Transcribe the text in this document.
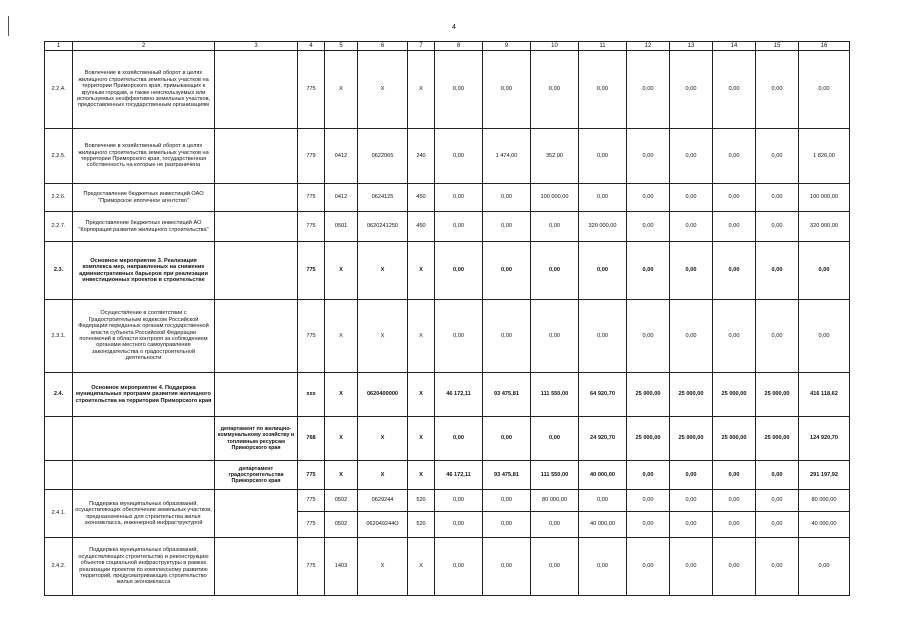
4
1	2	3	4	5	6	7	8	9	10	11	12	13	14	15	16
2.2.4.	Вовлечение в хозяйственный оборот в целях жилищного строительства земельных участков на территории Приморского края, примыкающих к крупным городам, а также неиспользуемых или используемых неэффективно земельных участков, предоставленных государственным организациям		775	X	X	X	0,00	0,00	0,00	0,00	0,00	0,00	0,00	0,00	0,00
2.2.5.	Вовлечение в хозяйственный оборот в целях жилищного строительства земельных участков на территории Приморского края, государственная собственность на которые не разграничена		779	0412	0622065	240	0,00	1 474,00	352,00	0,00	0,00	0,00	0,00	0,00	1 826,00
2.2.6.	Предоставление бюджетных инвестиций ОАО "Приморское ипотечное агентство"		775	0412	0624125	450	0,00	0,00	100 000,00	0,00	0,00	0,00	0,00	0,00	100 000,00
2.2.7.	Предоставление бюджетных инвестиций АО "Корпорация развития жилищного строительства"		775	0501	0620241250	450	0,00	0,00	0,00	320 000,00	0,00	0,00	0,00	0,00	320 000,00
2.3.	Основное мероприятие 3. Реализация комплекса мер, направленных на снижение административных барьеров при реализации инвестиционных проектов в строительстве		775	X	X	X	0,00	0,00	0,00	0,00	0,00	0,00	0,00	0,00	0,00
2.3.1.	Осуществление в соответствии с Градостроительным кодексом Российской Федерации переданных органам государственной власти субъекта Российской Федерации полномочий в области контроля за соблюдением органами местного самоуправления законодательства о градостроительной деятельности		775	X	X	X	0,00	0,00	0,00	0,00	0,00	0,00	0,00	0,00	0,00
2.4.	Основное мероприятие 4. Поддержка муниципальных программ развития жилищного строительства на территории Приморского края		ххх	X	0620400000	X	46 172,11	93 475,81	111 550,00	64 920,70	25 000,00	25 000,00	25 000,00	25 000,00	416 118,62
		департамент по жилищно-коммунальному хозяйству и топливным ресурсам Приморского края	768	X	X	X	0,00	0,00	0,00	24 920,70	25 000,00	25 000,00	25 000,00	25 000,00	124 920,70
		департамент градостроительства Приморского края	775	X	X	X	46 172,11	93 475,81	111 550,00	40 000,00	0,00	0,00	0,00	0,00	291 197,92
2.4.1.	Поддержка муниципальных образований, осуществляющих обеспечение земельных участков, предназначенных для строительства жилья экономкласса, инженерной инфраструктурой		775	0502	0629244	520	0,00	0,00	80 000,00	0,00	0,00	0,00	0,00	0,00	80 000,00
			775	0502	062049244О	520	0,00	0,00	0,00	40 000,00	0,00	0,00	0,00	0,00	40 000,00
2.4.2.	Поддержка муниципальных образований, осуществляющих строительство и реконструкцию объектов социальной инфраструктуры в рамках реализации проектов по комплексному развитию территорий, предусматривающих строительство жилья экономкласса		775	1403	X	X	0,00	0,00	0,00	0,00	0,00	0,00	0,00	0,00	0,00
